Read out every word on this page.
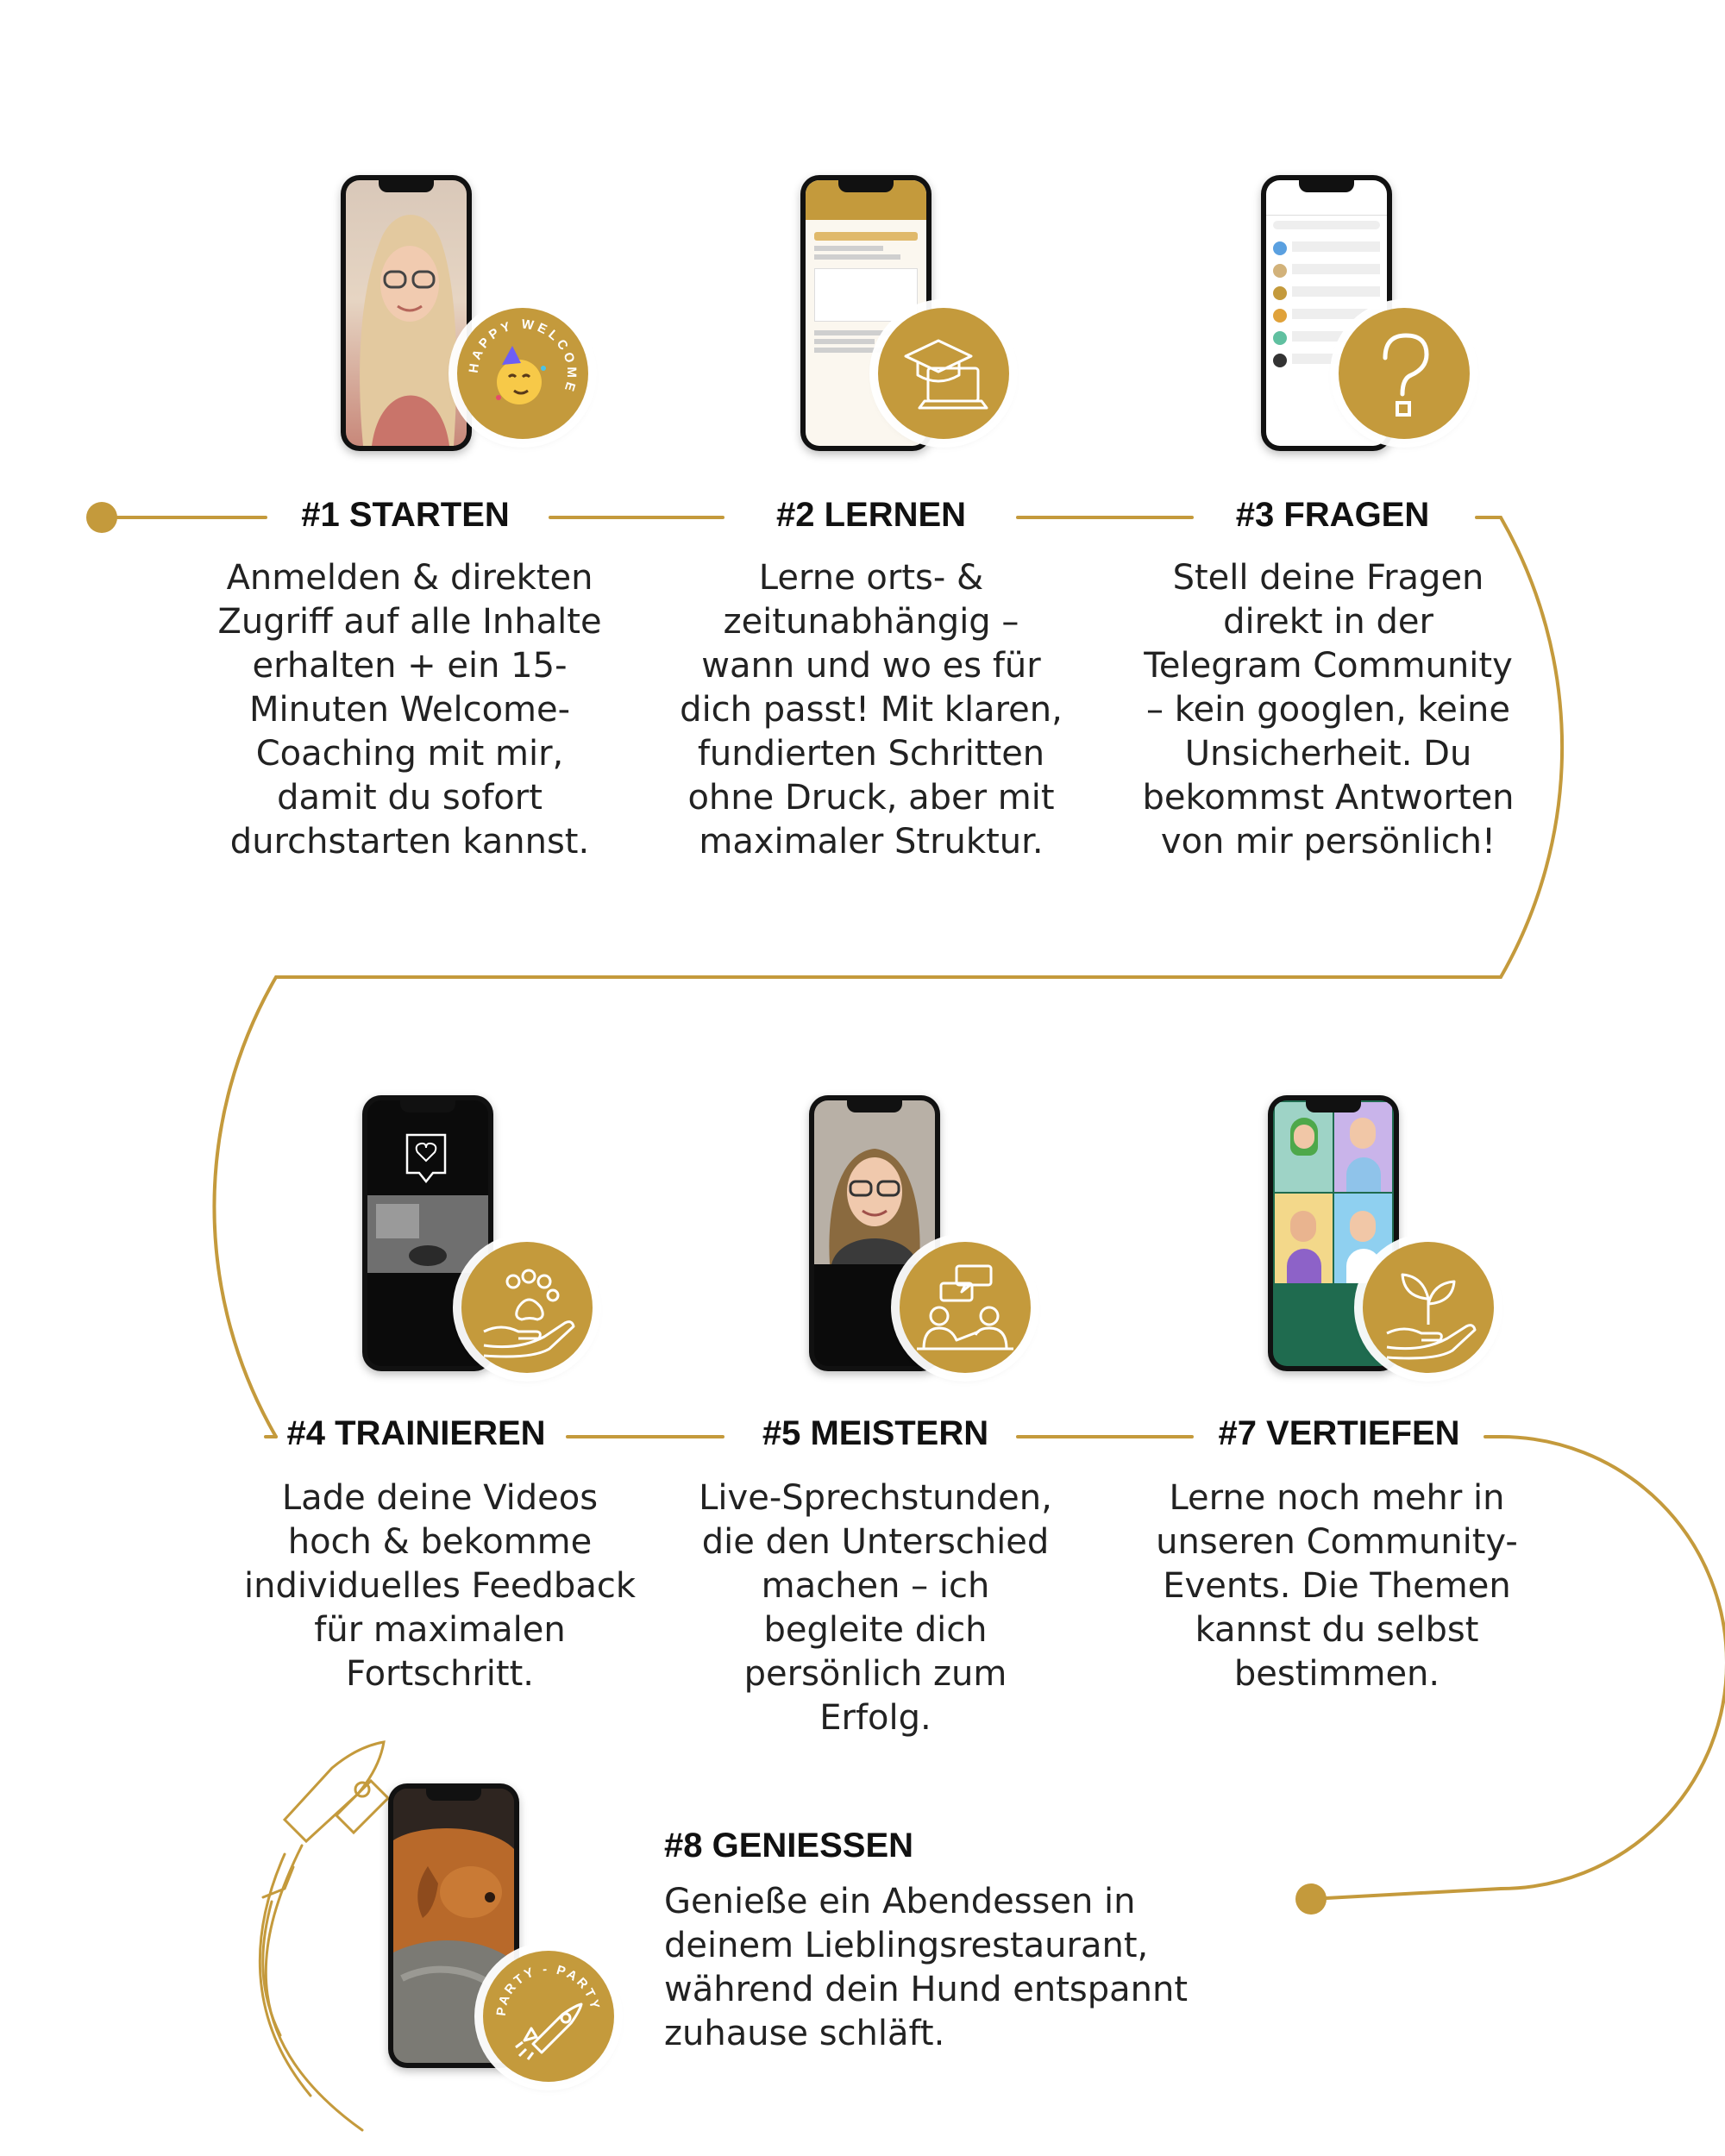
HAPPY WELCOME
#1 STARTEN
Anmelden & direkten
Zugriff auf alle Inhalte
erhalten + ein 15-
Minuten Welcome-
Coaching mit mir,
damit du sofort
durchstarten kannst.
#2 LERNEN
Lerne orts- &
zeitunabhängig –
wann und wo es für
dich passt! Mit klaren,
fundierten Schritten
ohne Druck, aber mit
maximaler Struktur.
#3 FRAGEN
Stell deine Fragen
direkt in der
Telegram Community
– kein googlen, keine
Unsicherheit. Du
bekommst Antworten
von mir persönlich!
#4 TRAINIEREN
Lade deine Videos
hoch & bekomme
individuelles Feedback
für maximalen
Fortschritt.
#5 MEISTERN
Live-Sprechstunden,
die den Unterschied
machen – ich
begleite dich
persönlich zum
Erfolg.
#7 VERTIEFEN
Lerne noch mehr in
unseren Community-
Events. Die Themen
kannst du selbst
bestimmen.
PARTY - PARTY
#8 GENIESSEN
Genieße ein Abendessen in
deinem Lieblingsrestaurant,
während dein Hund entspannt
zuhause schläft.
